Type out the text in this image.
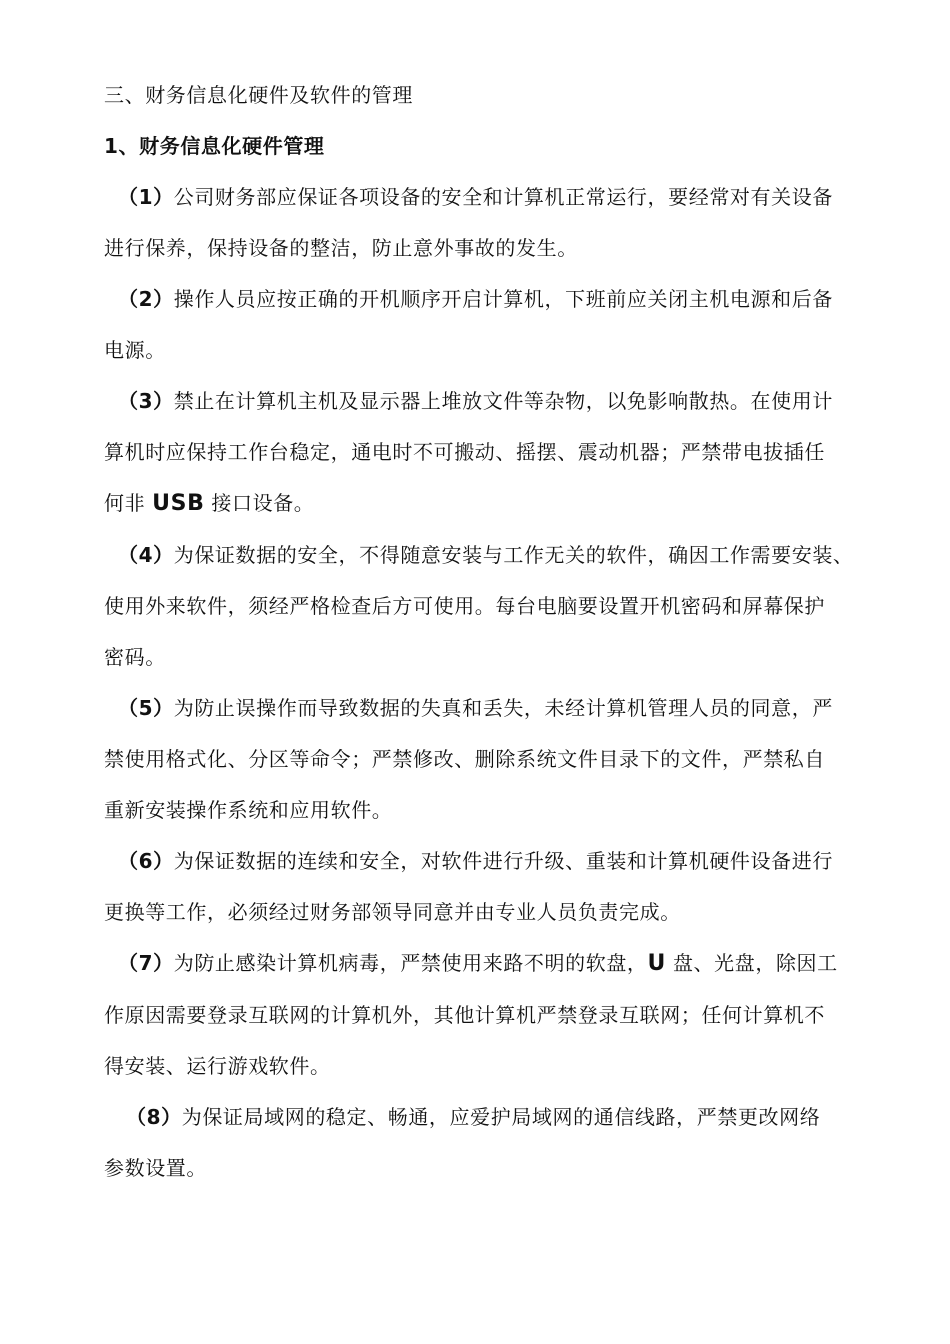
三、财务信息化硬件及软件的管理

1、财务信息化硬件管理

（1）公司财务部应保证各项设备的安全和计算机正常运行，要经常对有关设备

进行保养，保持设备的整洁，防止意外事故的发生。

（2）操作人员应按正确的开机顺序开启计算机，下班前应关闭主机电源和后备

电源。

（3）禁止在计算机主机及显示器上堆放文件等杂物，以免影响散热。在使用计

算机时应保持工作台稳定，通电时不可搬动、摇摆、震动机器；严禁带电拔插任

何非 USB 接口设备。

（4）为保证数据的安全，不得随意安装与工作无关的软件，确因工作需要安装、

使用外来软件，须经严格检查后方可使用。每台电脑要设置开机密码和屏幕保护

密码。

（5）为防止误操作而导致数据的失真和丢失，未经计算机管理人员的同意，严

禁使用格式化、分区等命令；严禁修改、删除系统文件目录下的文件，严禁私自

重新安装操作系统和应用软件。

（6）为保证数据的连续和安全，对软件进行升级、重装和计算机硬件设备进行

更换等工作，必须经过财务部领导同意并由专业人员负责完成。

（7）为防止感染计算机病毒，严禁使用来路不明的软盘，U 盘、光盘，除因工

作原因需要登录互联网的计算机外，其他计算机严禁登录互联网；任何计算机不

得安装、运行游戏软件。

（8）为保证局域网的稳定、畅通，应爱护局域网的通信线路，严禁更改网络

参数设置。
